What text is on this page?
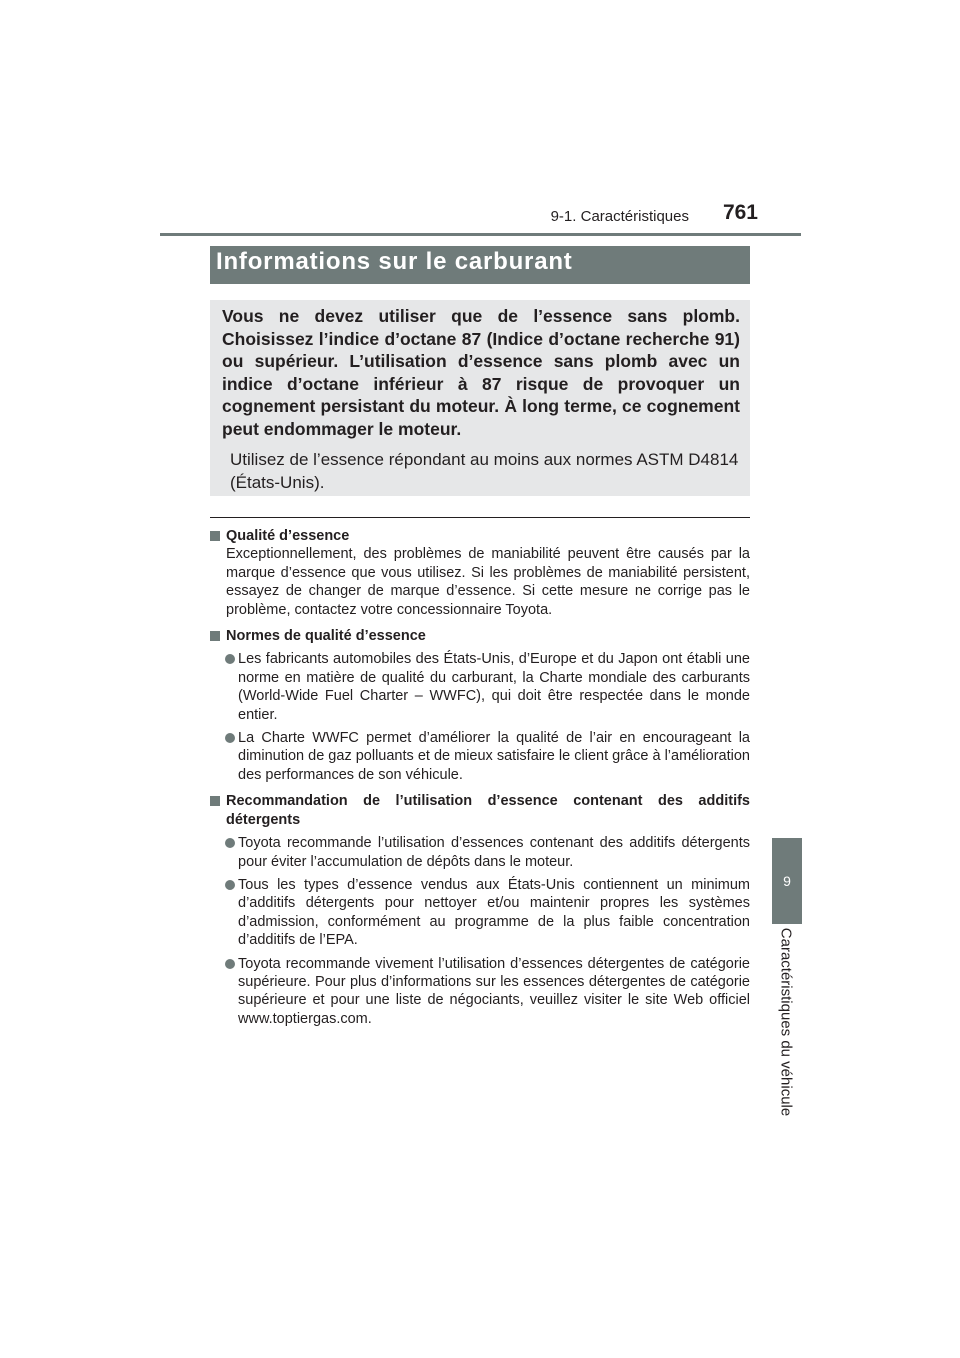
9-1. Caractéristiques	761
9
Caractéristiques du véhicule
Informations sur le carburant
Vous ne devez utiliser que de l’essence sans plomb. Choisissez l’indice d’octane 87 (Indice d’octane recherche 91) ou supérieur. L’utilisation d’essence sans plomb avec un indice d’octane inférieur à 87 risque de provoquer un cognement persistant du moteur. À long terme, ce cognement peut endommager le moteur.
Utilisez de l’essence répondant au moins aux normes ASTM D4814 (États-Unis).
Qualité d’essence
Exceptionnellement, des problèmes de maniabilité peuvent être causés par la marque d’essence que vous utilisez. Si les problèmes de maniabilité persistent, essayez de changer de marque d’essence. Si cette mesure ne corrige pas le problème, contactez votre concessionnaire Toyota.
Normes de qualité d’essence
Les fabricants automobiles des États-Unis, d’Europe et du Japon ont établi une norme en matière de qualité du carburant, la Charte mondiale des carburants (World-Wide Fuel Charter – WWFC), qui doit être respectée dans le monde entier.
La Charte WWFC permet d’améliorer la qualité de l’air en encourageant la diminution de gaz polluants et de mieux satisfaire le client grâce à l’amélioration des performances de son véhicule.
Recommandation de l’utilisation d’essence contenant des additifs détergents
Toyota recommande l’utilisation d’essences contenant des additifs détergents pour éviter l’accumulation de dépôts dans le moteur.
Tous les types d’essence vendus aux États-Unis contiennent un minimum d’additifs détergents pour nettoyer et/ou maintenir propres les systèmes d’admission, conformément au programme de la plus faible concentration d’additifs de l’EPA.
Toyota recommande vivement l’utilisation d’essences détergentes de catégorie supérieure. Pour plus d’informations sur les essences détergentes de catégorie supérieure et pour une liste de négociants, veuillez visiter le site Web officiel www.toptiergas.com.
